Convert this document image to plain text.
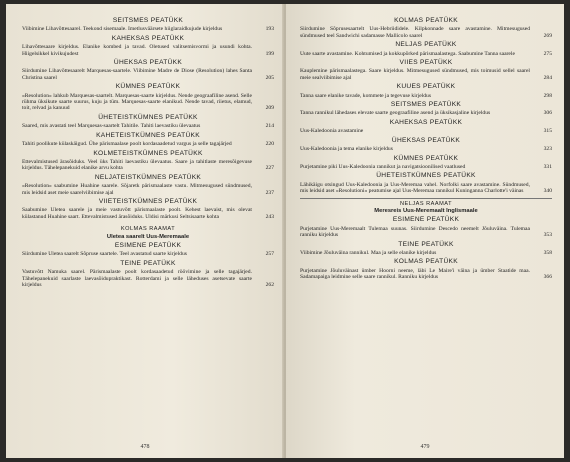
SEITSMES PEATÜKK
Viibimine Lihavõttesaarel. Teekond sisemaale. Imetlusväärsete hiiglaraidkujude kirjeldus	193
KAHEKSAS PEATÜKK
Lihavõttesaare kirjeldus. Elanike kombed ja tavad. Oletused valitsemisvormi ja usundi kohta. Hiigelsikkel kivikujudest	199
ÜHEKSAS PEATÜKK
Siirdumine Lihavõttesaarelt Marquesas-saartele. Viibimine Madre de Diose (Resolution) lahes Santa Christina saarel	205
KÜMNES PEATÜKK
«Resolution» lahkub Marquesas-saartelt. Marquesas-saarte kirjeldus. Nende geograafiline asend. Selle rühma üksikute saarte suurus, kuju ja tüm. Marquesas-saarte elanikud. Nende tavad, riietus, elamud, toit, relvad ja kanuud	209
ÜHETEISTKÜMNES PEATÜKK
Saared, mis avastati teel Marquesas-saartelt Tahitile. Tahiti laevastiku ülevaatus	214
KAHETEISTKÜMNES PEATÜKK
Tahiti poolikute külaskäigud. Ühe pärismaalase poolt kordasaadetud vargus ja selle tagajärjed	220
KOLMETEISTKÜMNES PEATÜKK
Ettevalmistused ärasõiduks. Veel üks Tahiti laevastiku ülevaatus. Saare ja tahitlaste meresõigevuse kirjeldus. Tähelepanekuid elanike arvu kohta	227
NELJATEISTKÜMNES PEATÜKK
«Resolution» saabumine Huahine saarele. Sõjaretk pärismaalaste vastu. Mitmesugused sündmused, mis leidsid aset meie saarelviibimise ajal	237
VIIETEISTKÜMNES PEATÜKK
Saabumine Uletea saarele ja meie vastuvõtt pärismaalaste poolt. Kehest laevaist, mis olevat külastanud Huahine saart. Ettevalmistused ärasõiduks. Uldisi märkusi Seltsisaarte kohta	243
KOLMAS RAAMAT
Uletea saarelt Uus-Meremaale
ESIMENE PEATÜKK
Siirdumine Uletea saarelt Sõpruse saartele. Teel avastatud saarte kirjeldus	257
TEINE PEATÜKK
Vastuvõtt Namuka saarel. Pärismaalaste poolt kordasaadetud rööviminе ja selle tagajärjed. Tähelepanekuid saarlaste laevasõidupraktikast. Rotterdami ja selle läheduses asetsevate saarte kirjeldus	262
478
KOLMAS PEATÜKK
Siirdumine Sõprusesaartelt Uus-Hebriididele. Kilpkonnade saare avastamine. Mitmesugused sündmused teel Sandwichi sadamasse Mallicolo saarel	269
NELJAS PEATÜKK
Uute saarte avastamine. Kohtumised ja kokkupõrked pärismaalastega. Saabumine Tanna saarele	275
VIIES PEATÜKK
Kaupleminе pärismaalastega. Saare kirjeldus. Mitmesugused sündmused, mis toimusid sellel saarel meie sealviibimise ajal	284
KUUES PEATÜKK
Tanna saare elanike tavade, kommete ja tegevuse kirjeldus	298
SEITSMES PEATÜKK
Tanna rannikul lähedases elevate saarte geograafiline asend ja üksikasjaline kirjeldus	306
KAHEKSAS PEATÜKK
Uus-Kaledoonia avastamine	315
ÜHEKSAS PEATÜKK
Uus-Kaledoonia ja tema elanike kirjeldus	323
KÜMNES PEATÜKK
Purjetamine piki Uus-Kaledoonia rannikut ja navigatsioonilised vaatlused	331
ÜHETEISTKÜMNES PEATÜKK
Lähikäigu otsingud Uus-Kaledoonia ja Uus-Meremaa vahel. Norfolki saare avastamine. Sündmused, mis leidsid aset «Resolutioni» peatumise ajal Uus-Meremaa rannikul Kuninganna Charlotte'i väinas	340
NELJAS RAAMAT
Meresreis Uus-Meremaalt Inglismaale
ESIMENE PEATÜKK
Purjetamine Uus-Meremaalt Tulemaa suunas. Siirdumine Descedo neemelt Jõuluväina. Tulemaa ranniku kirjeldus	353
TEINE PEATÜKK
Viibimine Jõuluväina rannikul. Maa ja selle elanike kirjeldus	358
KOLMAS PEATÜKK
Purjetamine Jõuluväinast ümber Hoorni neeme, läbi Le Maire'i väina ja ümber Staatide maa. Sadamapaiga leidmine selle saare rannikul. Ranniku kirjeldus	366
479
